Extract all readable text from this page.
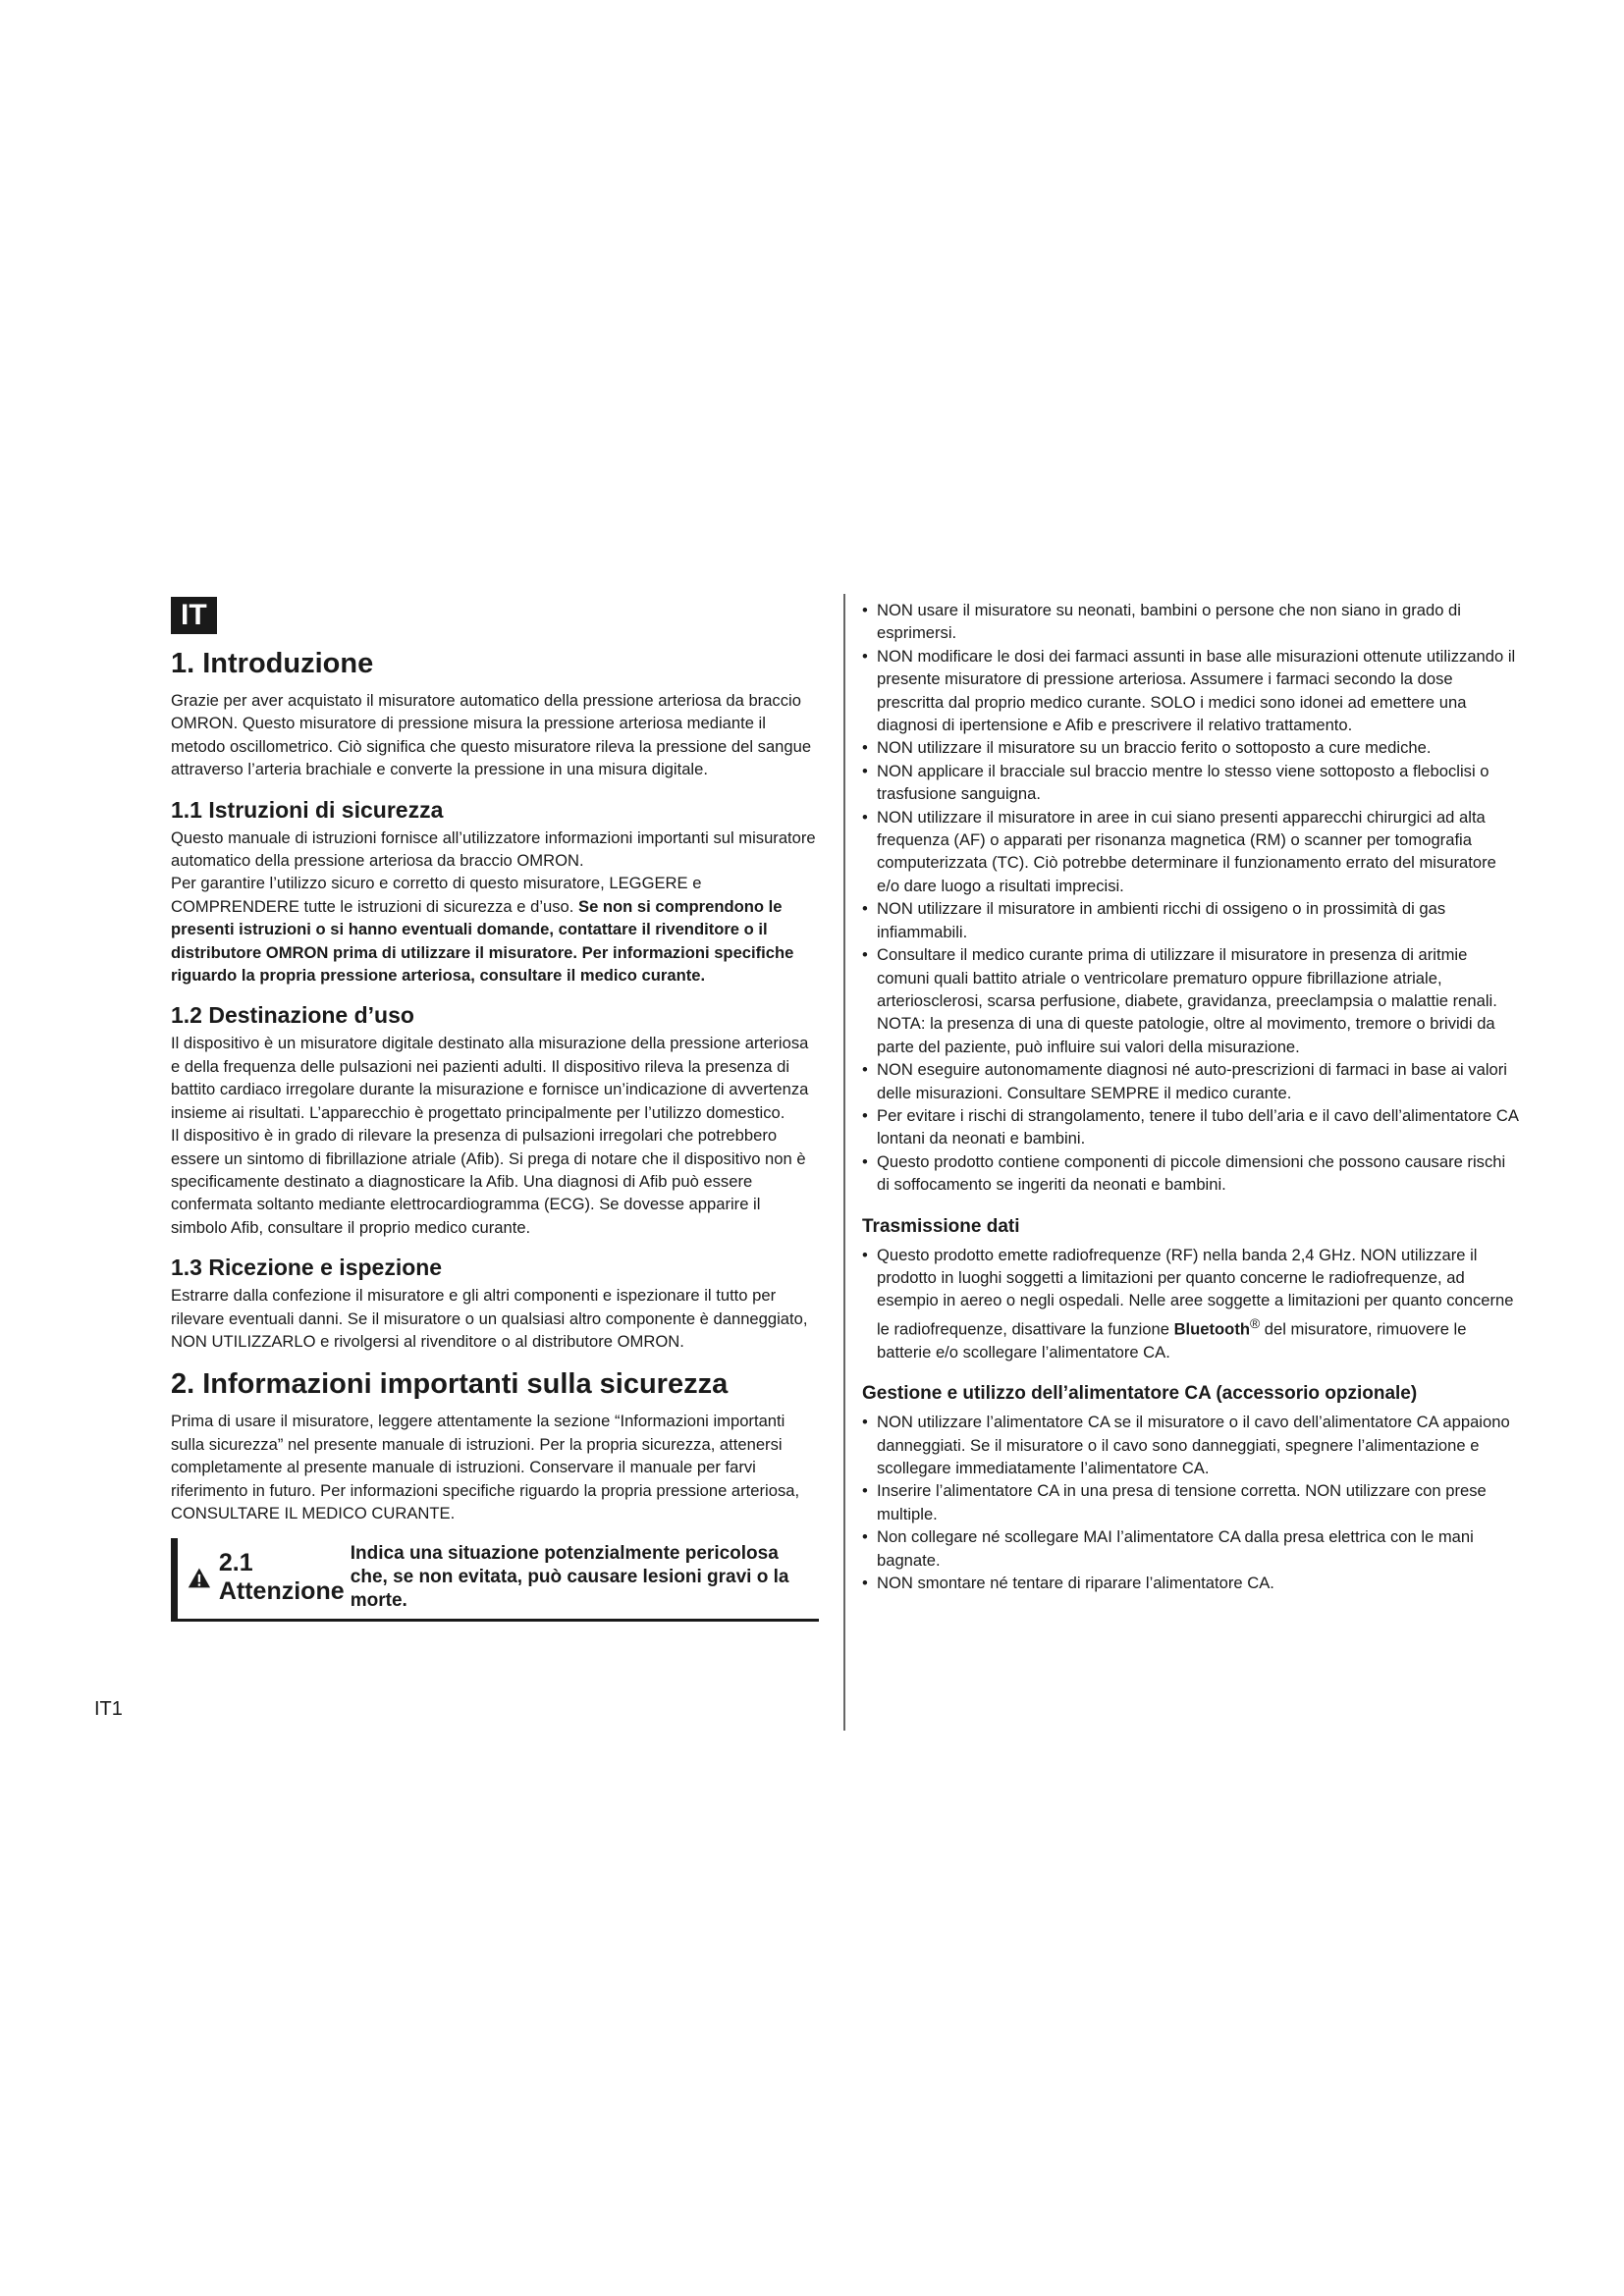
IT
1. Introduzione

Grazie per aver acquistato il misuratore automatico della pressione arteriosa da braccio OMRON. Questo misuratore di pressione misura la pressione arteriosa mediante il metodo oscillometrico. Ciò significa che questo misuratore rileva la pressione del sangue attraverso l’arteria brachiale e converte la pressione in una misura digitale.

1.1 Istruzioni di sicurezza

Questo manuale di istruzioni fornisce all’utilizzatore informazioni importanti sul misuratore automatico della pressione arteriosa da braccio OMRON.

Per garantire l’utilizzo sicuro e corretto di questo misuratore, LEGGERE e COMPRENDERE tutte le istruzioni di sicurezza e d’uso. Se non si comprendono le presenti istruzioni o si hanno eventuali domande, contattare il rivenditore o il distributore OMRON prima di utilizzare il misuratore. Per informazioni specifiche riguardo la propria pressione arteriosa, consultare il medico curante.

1.2 Destinazione d’uso

Il dispositivo è un misuratore digitale destinato alla misurazione della pressione arteriosa e della frequenza delle pulsazioni nei pazienti adulti. Il dispositivo rileva la presenza di battito cardiaco irregolare durante la misurazione e fornisce un’indicazione di avvertenza insieme ai risultati. L’apparecchio è progettato principalmente per l’utilizzo domestico.

Il dispositivo è in grado di rilevare la presenza di pulsazioni irregolari che potrebbero essere un sintomo di fibrillazione atriale (Afib). Si prega di notare che il dispositivo non è specificamente destinato a diagnosticare la Afib. Una diagnosi di Afib può essere confermata soltanto mediante elettrocardiogramma (ECG). Se dovesse apparire il simbolo Afib, consultare il proprio medico curante.

1.3 Ricezione e ispezione

Estrarre dalla confezione il misuratore e gli altri componenti e ispezionare il tutto per rilevare eventuali danni. Se il misuratore o un qualsiasi altro componente è danneggiato, NON UTILIZZARLO e rivolgersi al rivenditore o al distributore OMRON.

2. Informazioni importanti sulla sicurezza

Prima di usare il misuratore, leggere attentamente la sezione “Informazioni importanti sulla sicurezza” nel presente manuale di istruzioni. Per la propria sicurezza, attenersi completamente al presente manuale di istruzioni. Conservare il manuale per farvi riferimento in futuro. Per informazioni specifiche riguardo la propria pressione arteriosa, CONSULTARE IL MEDICO CURANTE.

2.1 Attenzione
Indica una situazione potenzialmente pericolosa che, se non evitata, può causare lesioni gravi o la morte.
• NON usare il misuratore su neonati, bambini o persone che non siano in grado di esprimersi.
• NON modificare le dosi dei farmaci assunti in base alle misurazioni ottenute utilizzando il presente misuratore di pressione arteriosa. Assumere i farmaci secondo la dose prescritta dal proprio medico curante. SOLO i medici sono idonei ad emettere una diagnosi di ipertensione e Afib e prescrivere il relativo trattamento.
• NON utilizzare il misuratore su un braccio ferito o sottoposto a cure mediche.
• NON applicare il bracciale sul braccio mentre lo stesso viene sottoposto a fleboclisi o trasfusione sanguigna.
• NON utilizzare il misuratore in aree in cui siano presenti apparecchi chirurgici ad alta frequenza (AF) o apparati per risonanza magnetica (RM) o scanner per tomografia computerizzata (TC). Ciò potrebbe determinare il funzionamento errato del misuratore e/o dare luogo a risultati imprecisi.
• NON utilizzare il misuratore in ambienti ricchi di ossigeno o in prossimità di gas infiammabili.
• Consultare il medico curante prima di utilizzare il misuratore in presenza di aritmie comuni quali battito atriale o ventricolare prematuro oppure fibrillazione atriale, arteriosclerosi, scarsa perfusione, diabete, gravidanza, preeclampsia o malattie renali. NOTA: la presenza di una di queste patologie, oltre al movimento, tremore o brividi da parte del paziente, può influire sui valori della misurazione.
• NON eseguire autonomamente diagnosi né auto-prescrizioni di farmaci in base ai valori delle misurazioni. Consultare SEMPRE il medico curante.
• Per evitare i rischi di strangolamento, tenere il tubo dell’aria e il cavo dell’alimentatore CA lontani da neonati e bambini.
• Questo prodotto contiene componenti di piccole dimensioni che possono causare rischi di soffocamento se ingeriti da neonati e bambini.
Trasmissione dati
• Questo prodotto emette radiofrequenze (RF) nella banda 2,4 GHz. NON utilizzare il prodotto in luoghi soggetti a limitazioni per quanto concerne le radiofrequenze, ad esempio in aereo o negli ospedali. Nelle aree soggette a limitazioni per quanto concerne le radiofrequenze, disattivare la funzione Bluetooth® del misuratore, rimuovere le batterie e/o scollegare l’alimentatore CA.
Gestione e utilizzo dell’alimentatore CA (accessorio opzionale)
• NON utilizzare l’alimentatore CA se il misuratore o il cavo dell’alimentatore CA appaiono danneggiati. Se il misuratore o il cavo sono danneggiati, spegnere l’alimentazione e scollegare immediatamente l’alimentatore CA.
• Inserire l’alimentatore CA in una presa di tensione corretta. NON utilizzare con prese multiple.
• Non collegare né scollegare MAI l’alimentatore CA dalla presa elettrica con le mani bagnate.
• NON smontare né tentare di riparare l’alimentatore CA.
IT1
